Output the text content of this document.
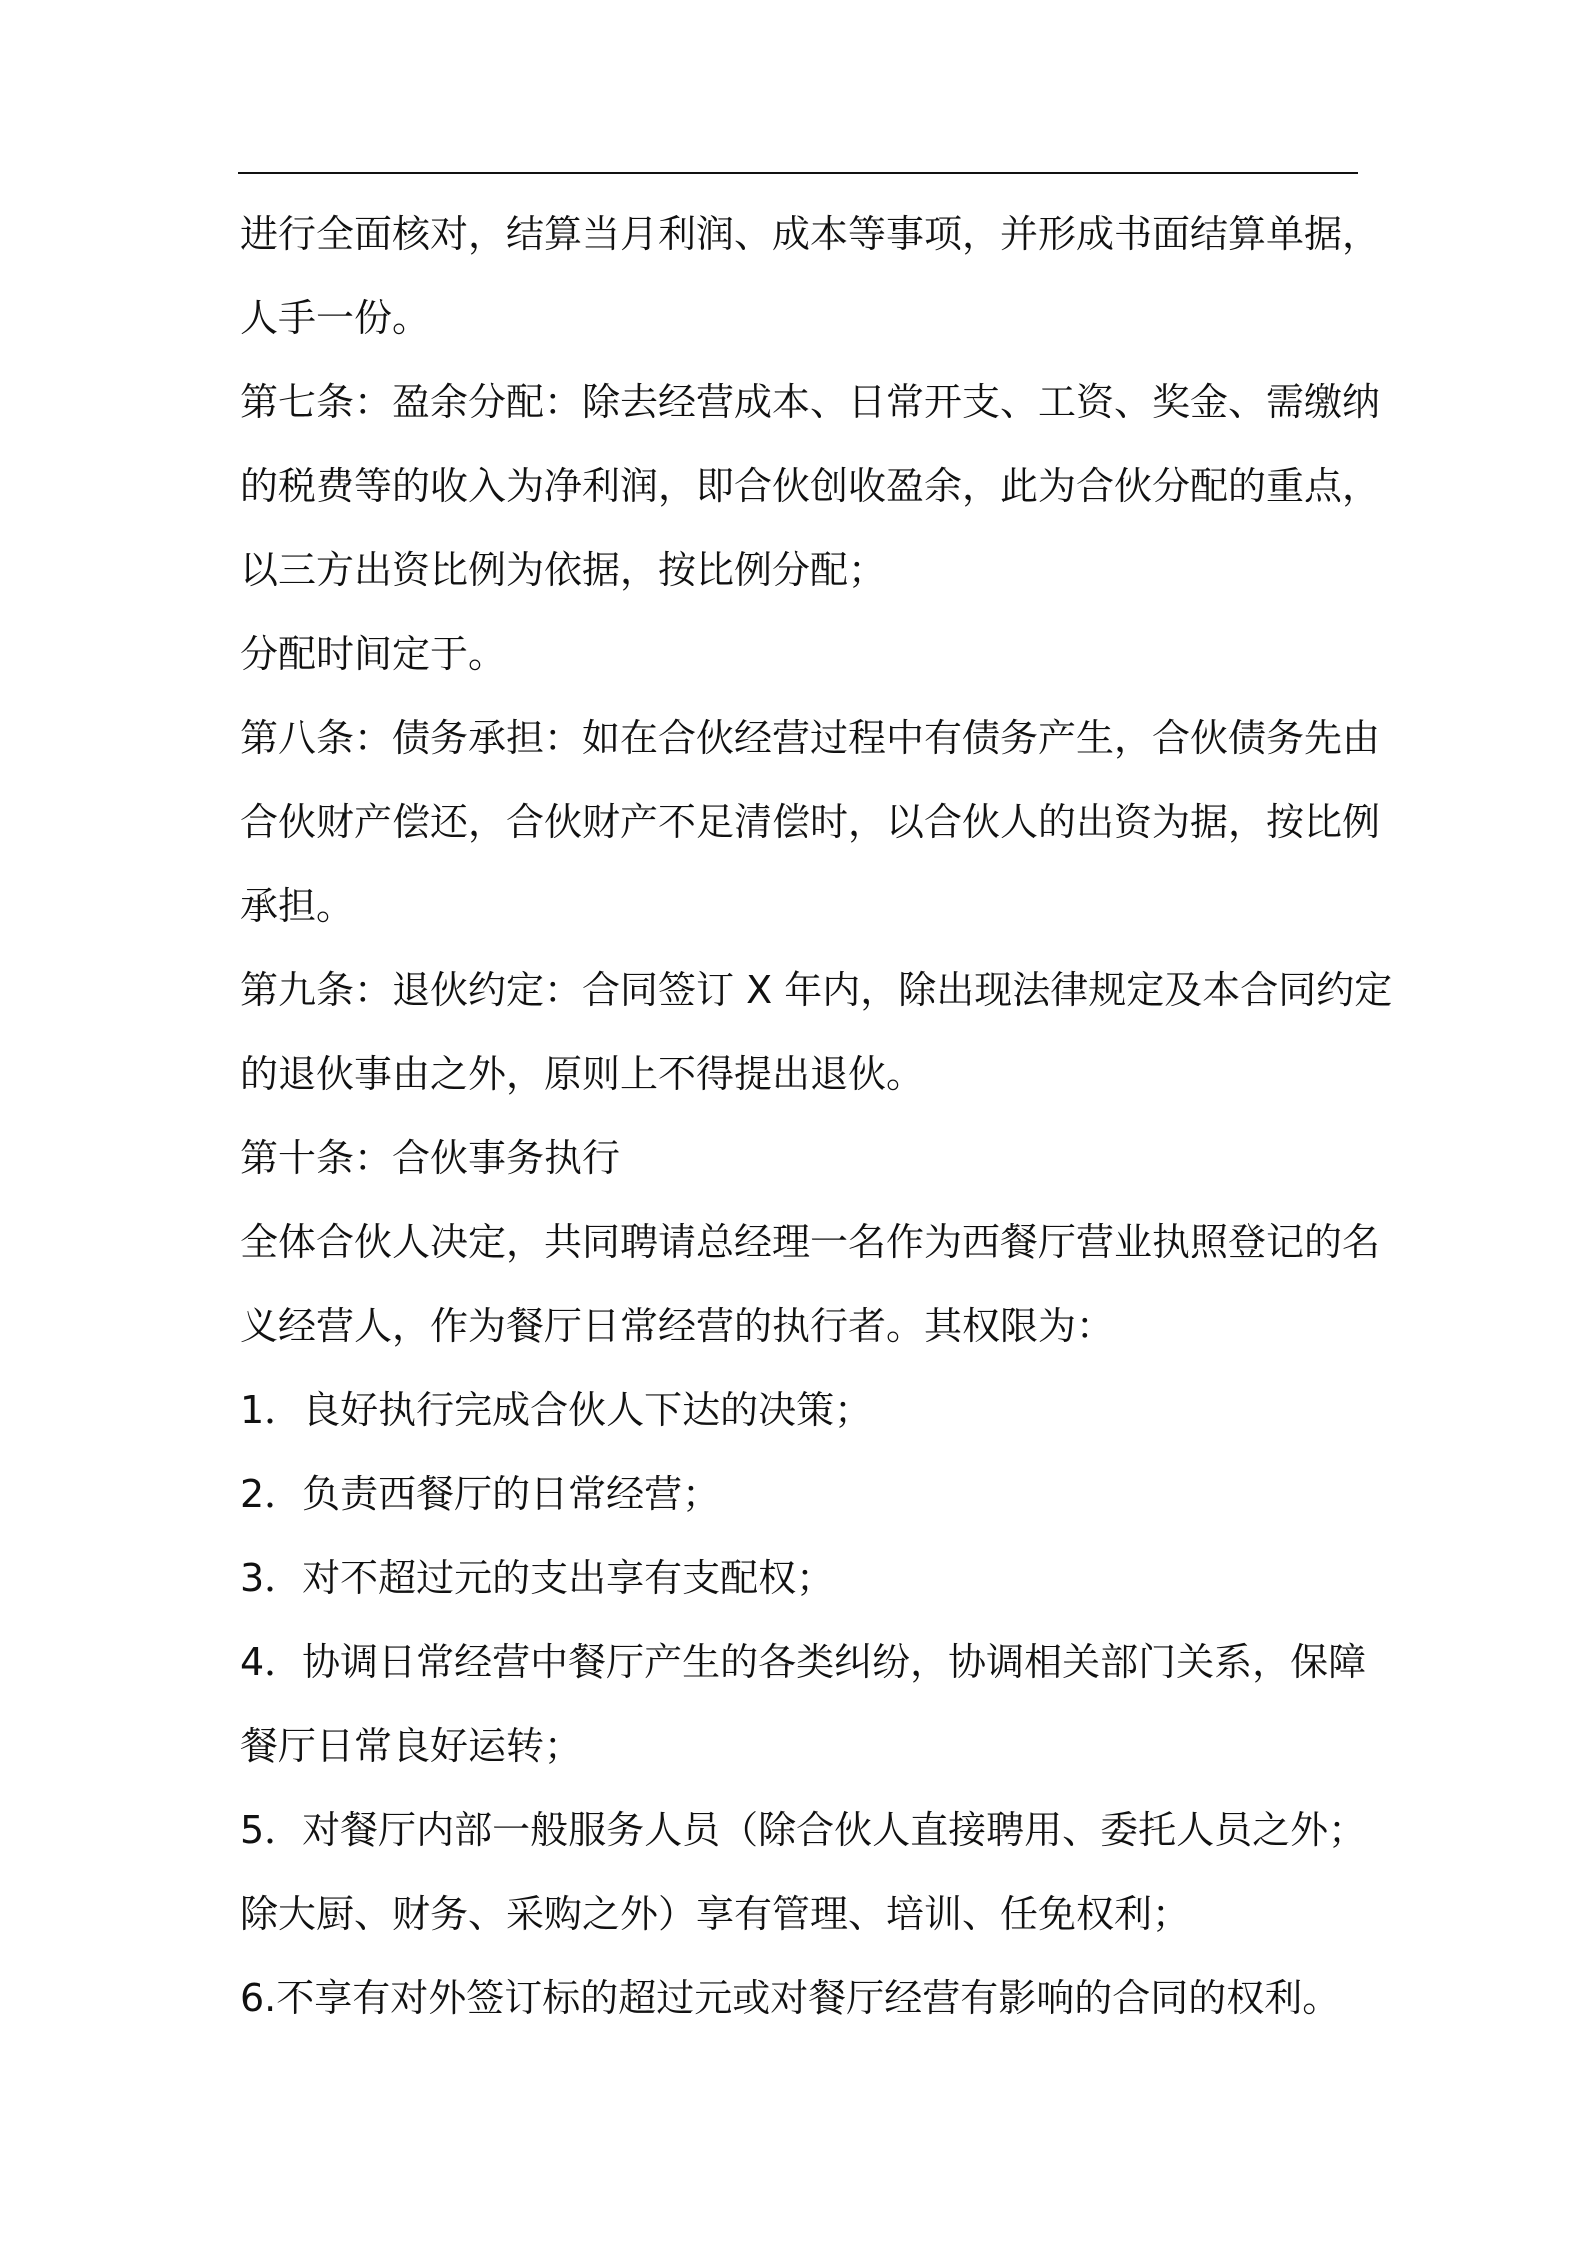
进行全面核对，结算当月利润、成本等事项，并形成书面结算单据，
人手一份。
第七条：盈余分配：除去经营成本、日常开支、工资、奖金、需缴纳
的税费等的收入为净利润，即合伙创收盈余，此为合伙分配的重点，
以三方出资比例为依据，按比例分配；
分配时间定于。
第八条：债务承担：如在合伙经营过程中有债务产生，合伙债务先由
合伙财产偿还，合伙财产不足清偿时，以合伙人的出资为据，按比例
承担。
第九条：退伙约定：合同签订 X 年内，除出现法律规定及本合同约定
的退伙事由之外，原则上不得提出退伙。
第十条：合伙事务执行
全体合伙人决定，共同聘请总经理一名作为西餐厅营业执照登记的名
义经营人，作为餐厅日常经营的执行者。其权限为：
1．良好执行完成合伙人下达的决策；
2．负责西餐厅的日常经营；
3．对不超过元的支出享有支配权；
4．协调日常经营中餐厅产生的各类纠纷，协调相关部门关系，保障
餐厅日常良好运转；
5．对餐厅内部一般服务人员（除合伙人直接聘用、委托人员之外；
除大厨、财务、采购之外）享有管理、培训、任免权利；
6.不享有对外签订标的超过元或对餐厅经营有影响的合同的权利。
